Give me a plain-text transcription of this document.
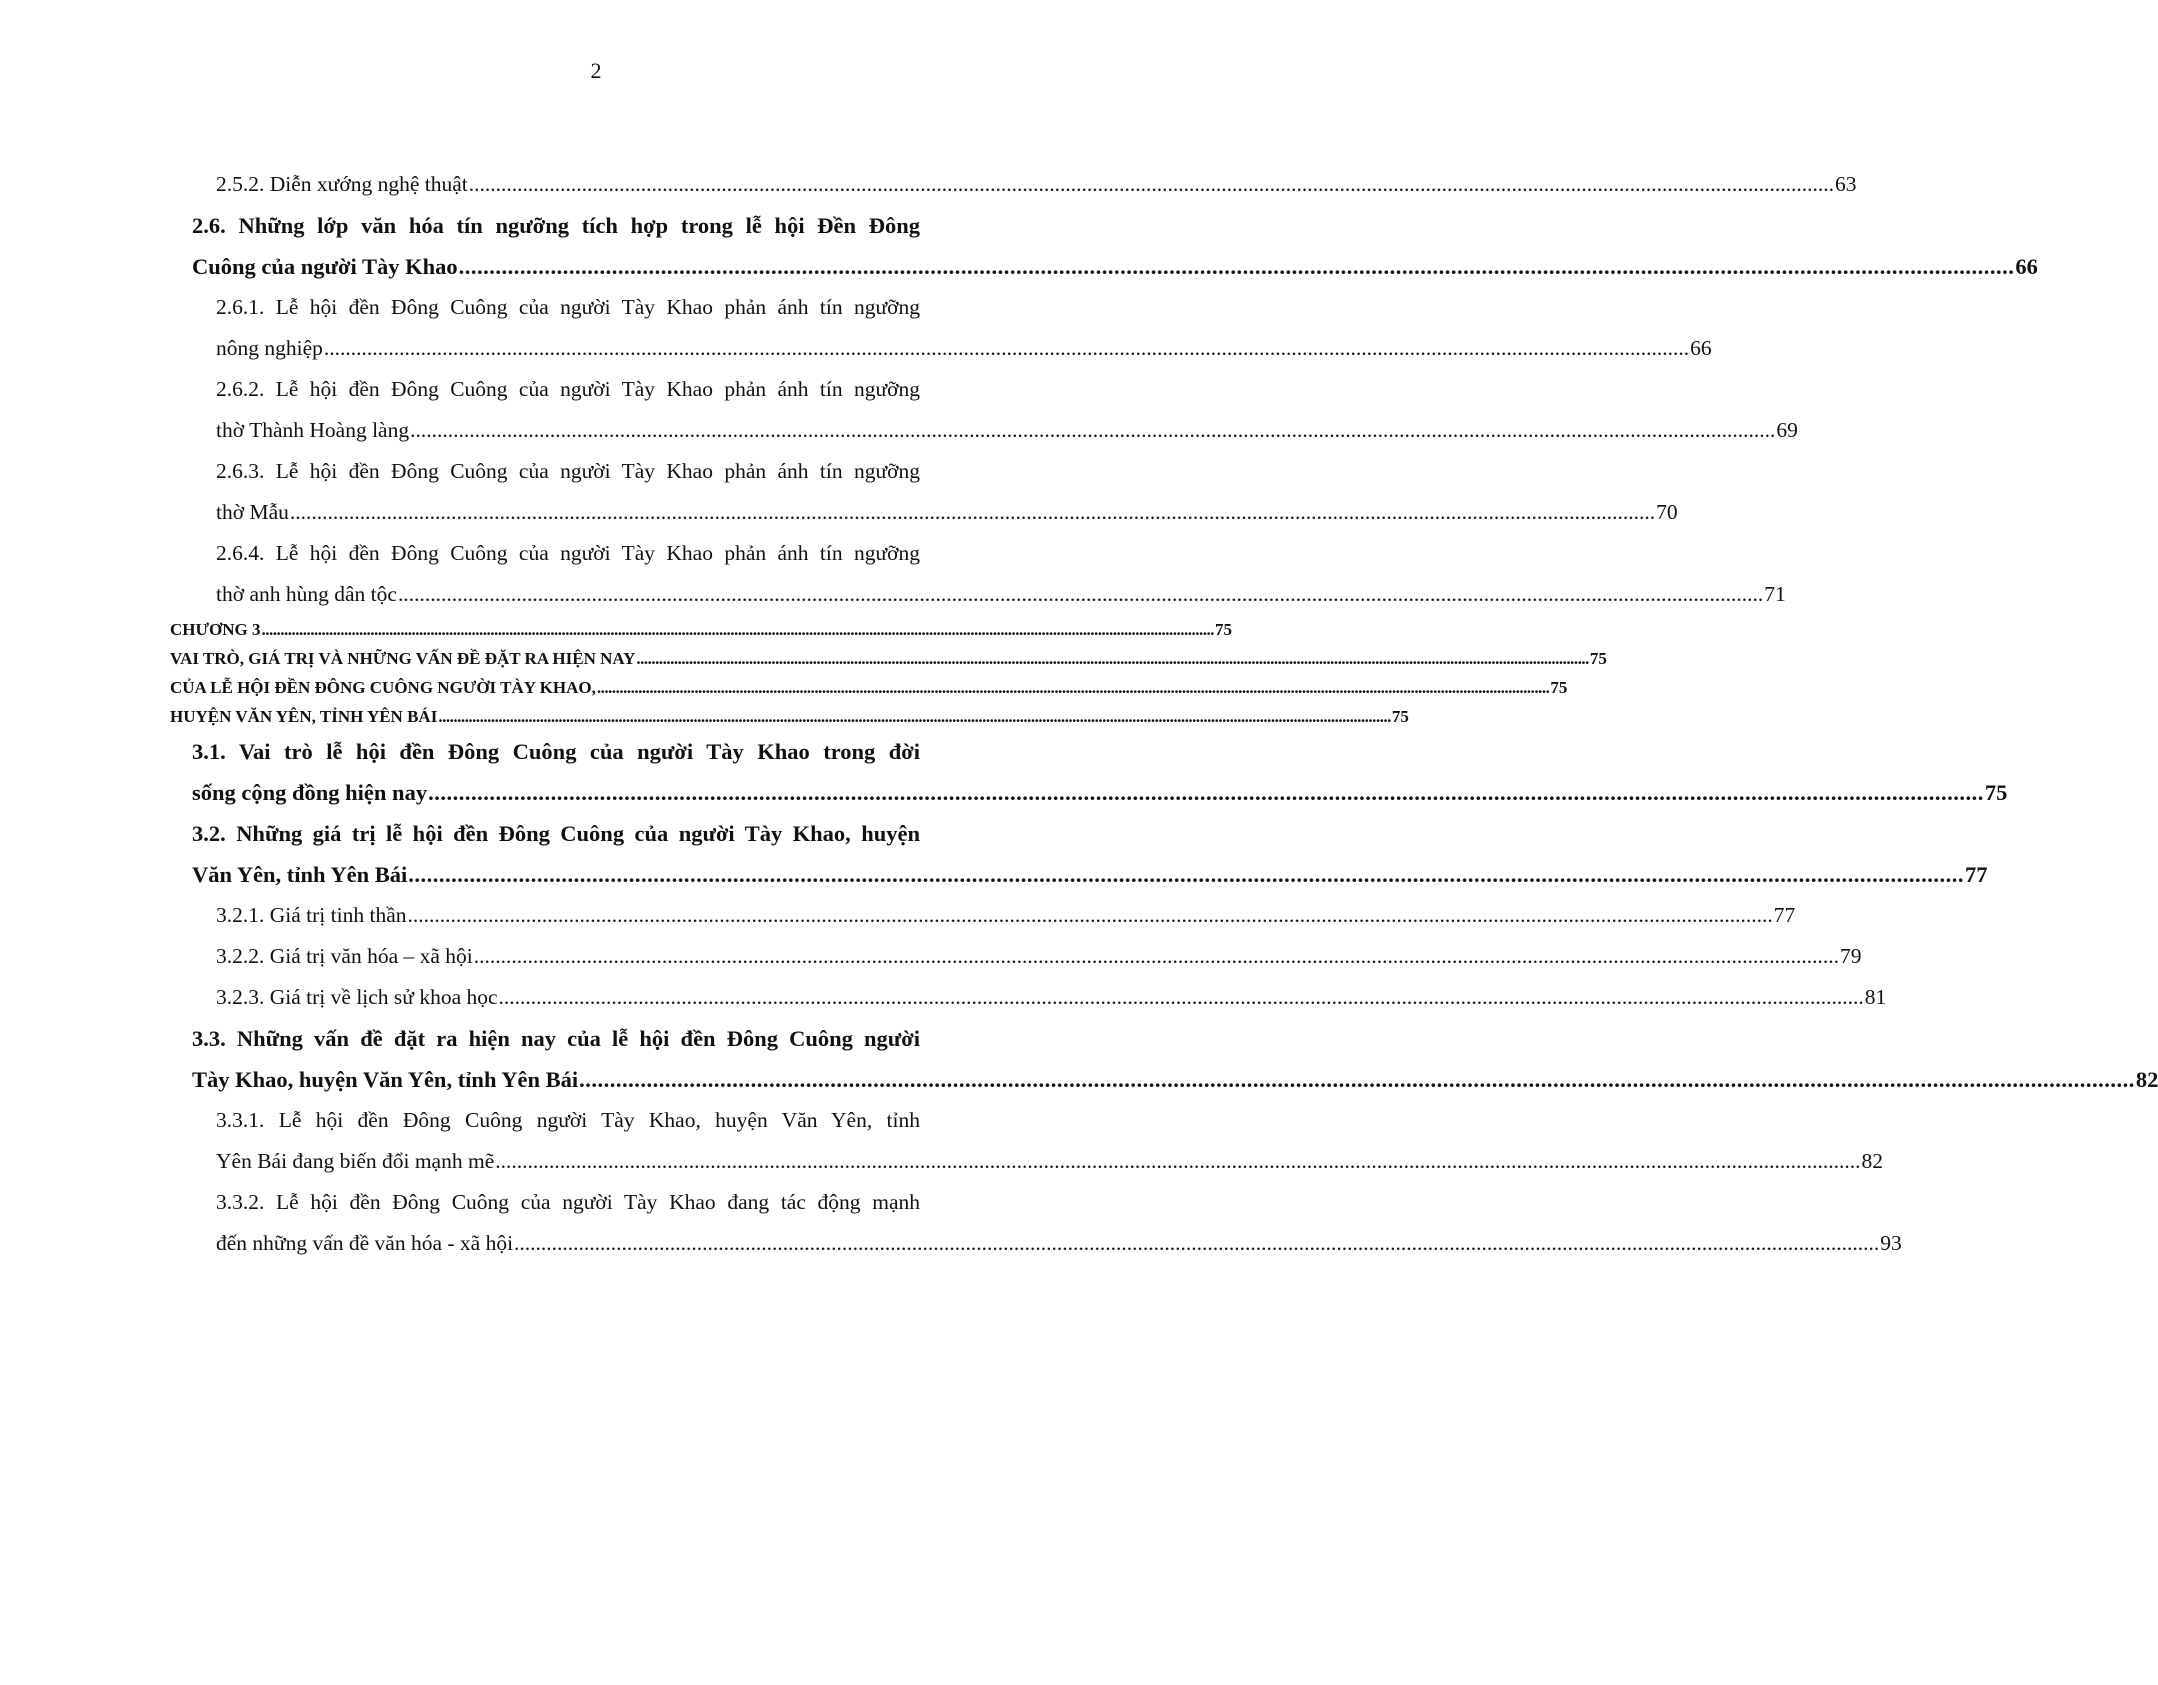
2
2.5.2. Diễn xướng nghệ thuật .....	63
2.6. Những lớp văn hóa tín ngưỡng tích hợp trong lễ hội Đền Đông
Cuông của người Tày Khao .....	66
2.6.1. Lễ hội đền Đông Cuông của người Tày Khao phản ánh tín ngưỡng
nông nghiệp .....	66
2.6.2. Lễ hội đền Đông Cuông của người Tày Khao phản ánh tín ngưỡng
thờ Thành Hoàng làng .....	69
2.6.3. Lễ hội đền Đông Cuông của người Tày Khao phản ánh tín ngưỡng
thờ Mẫu .....	70
2.6.4. Lễ hội đền Đông Cuông của người Tày Khao phản ánh tín ngưỡng
thờ anh hùng dân tộc .....	71
CHƯƠNG 3 .....	75
VAI TRÒ, GIÁ TRỊ VÀ NHỮNG VẤN ĐỀ ĐẶT RA HIỆN NAY .....	75
CỦA LỄ HỘI ĐỀN ĐÔNG CUÔNG NGƯỜI TÀY KHAO, .....	75
HUYỆN VĂN YÊN, TỈNH YÊN BÁI .....	75
3.1. Vai trò lễ hội đền Đông Cuông của người Tày Khao trong đời
sống cộng đồng hiện nay .....	75
3.2. Những giá trị lễ hội đền Đông Cuông của người Tày Khao, huyện
Văn Yên, tỉnh Yên Bái .....	77
3.2.1. Giá trị tinh thần .....	77
3.2.2. Giá trị văn hóa – xã hội .....	79
3.2.3. Giá trị về lịch sử khoa học .....	81
3.3. Những vấn đề đặt ra hiện nay của lễ hội đền Đông Cuông người
Tày Khao, huyện Văn Yên, tỉnh Yên Bái .....	82
3.3.1. Lễ hội đền Đông Cuông người Tày Khao, huyện Văn Yên, tỉnh
Yên Bái đang biến đổi mạnh mẽ .....	82
3.3.2. Lễ hội đền Đông Cuông của người Tày Khao đang tác động mạnh
đến những vấn đề văn hóa - xã hội .....	93
